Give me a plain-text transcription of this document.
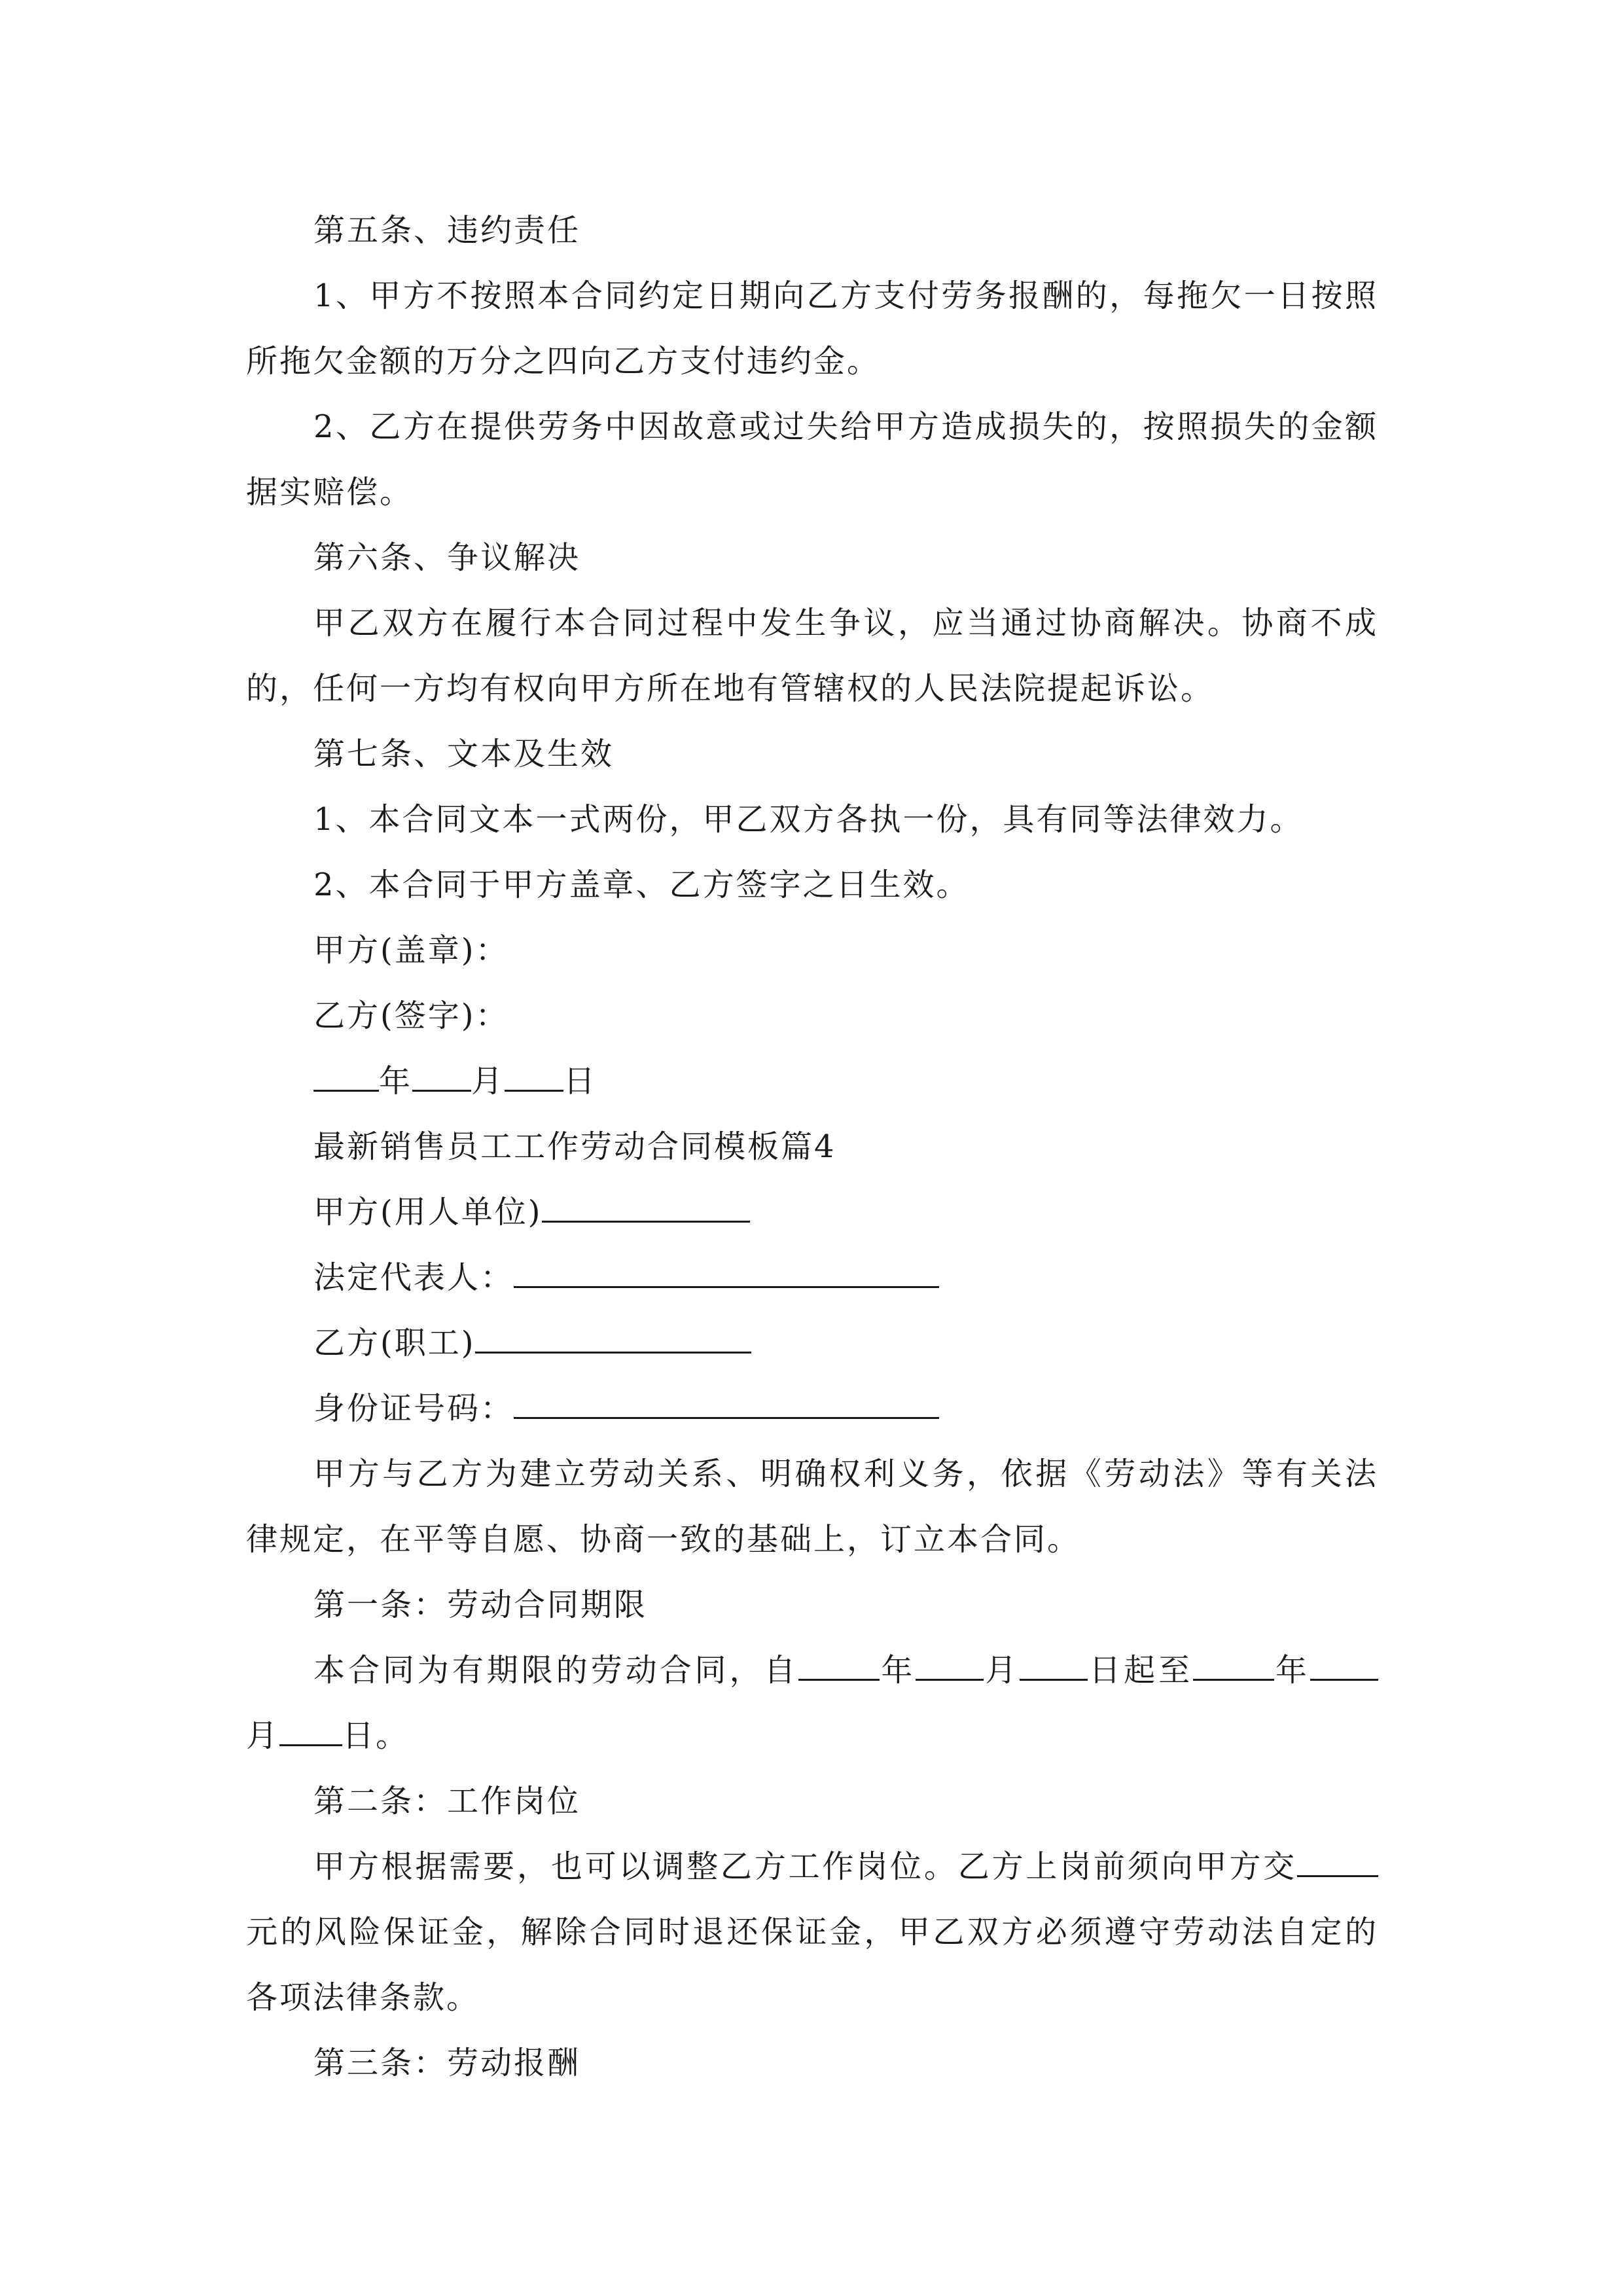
第五条、违约责任

1、甲方不按照本合同约定日期向乙方支付劳务报酬的，每拖欠一日按照所拖欠金额的万分之四向乙方支付违约金。

2、乙方在提供劳务中因故意或过失给甲方造成损失的，按照损失的金额据实赔偿。

第六条、争议解决

甲乙双方在履行本合同过程中发生争议，应当通过协商解决。协商不成的，任何一方均有权向甲方所在地有管辖权的人民法院提起诉讼。

第七条、文本及生效

1、本合同文本一式两份，甲乙双方各执一份，具有同等法律效力。

2、本合同于甲方盖章、乙方签字之日生效。

甲方(盖章)：

乙方(签字)：

年 月 日

最新销售员工工作劳动合同模板篇4

甲方(用人单位)

法定代表人：

乙方(职工)

身份证号码：

甲方与乙方为建立劳动关系、明确权利义务，依据《劳动法》等有关法律规定，在平等自愿、协商一致的基础上，订立本合同。

第一条：劳动合同期限

本合同为有期限的劳动合同，自	年 月 日起至	年月 日。

第二条：工作岗位

甲方根据需要，也可以调整乙方工作岗位。乙方上岗前须向甲方交元的风险保证金，解除合同时退还保证金，甲乙双方必须遵守劳动法自定的各项法律条款。

第三条：劳动报酬
